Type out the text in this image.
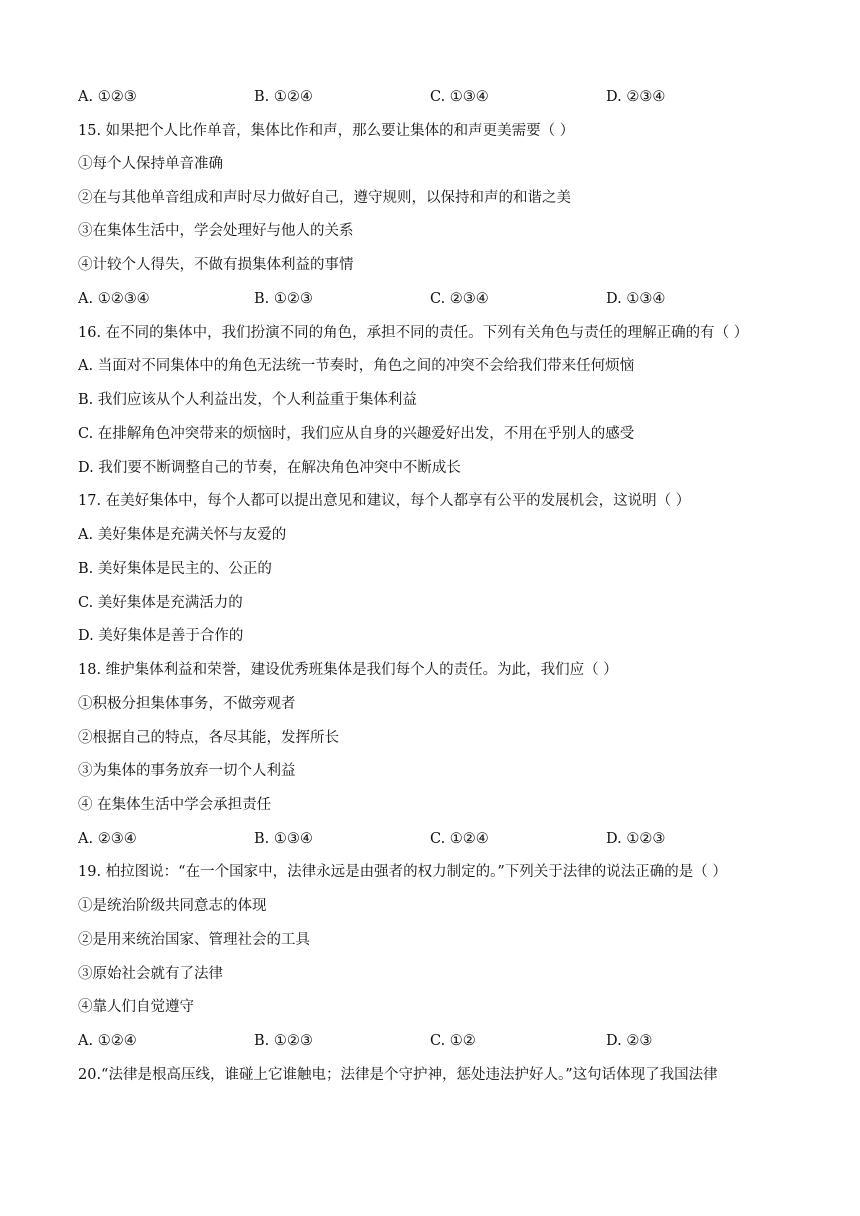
A. ①②③	B. ①②④	C. ①③④	D. ②③④
15. 如果把个人比作单音，集体比作和声，那么要让集体的和声更美需要（ ）
①每个人保持单音准确
②在与其他单音组成和声时尽力做好自己，遵守规则，以保持和声的和谐之美
③在集体生活中，学会处理好与他人的关系
④计较个人得失，不做有损集体利益的事情
A. ①②③④	B. ①②③	C. ②③④	D. ①③④
16. 在不同的集体中，我们扮演不同的角色，承担不同的责任。下列有关角色与责任的理解正确的有（ ）
A. 当面对不同集体中的角色无法统一节奏时，角色之间的冲突不会给我们带来任何烦恼
B. 我们应该从个人利益出发，个人利益重于集体利益
C. 在排解角色冲突带来的烦恼时，我们应从自身的兴趣爱好出发，不用在乎别人的感受
D. 我们要不断调整自己的节奏，在解决角色冲突中不断成长
17. 在美好集体中，每个人都可以提出意见和建议，每个人都享有公平的发展机会，这说明（ ）
A. 美好集体是充满关怀与友爱的
B. 美好集体是民主的、公正的
C. 美好集体是充满活力的
D. 美好集体是善于合作的
18. 维护集体利益和荣誉，建设优秀班集体是我们每个人的责任。为此，我们应（ ）
①积极分担集体事务，不做旁观者
②根据自己的特点，各尽其能，发挥所长
③为集体的事务放弃一切个人利益
④ 在集体生活中学会承担责任
A. ②③④	B. ①③④	C. ①②④	D. ①②③
19. 柏拉图说：“在一个国家中，法律永远是由强者的权力制定的。”下列关于法律的说法正确的是（ ）
①是统治阶级共同意志的体现
②是用来统治国家、管理社会的工具
③原始社会就有了法律
④靠人们自觉遵守
A. ①②④	B. ①②③	C. ①②	D. ②③
20.“法律是根高压线，谁碰上它谁触电；法律是个守护神，惩处违法护好人。”这句话体现了我国法律
